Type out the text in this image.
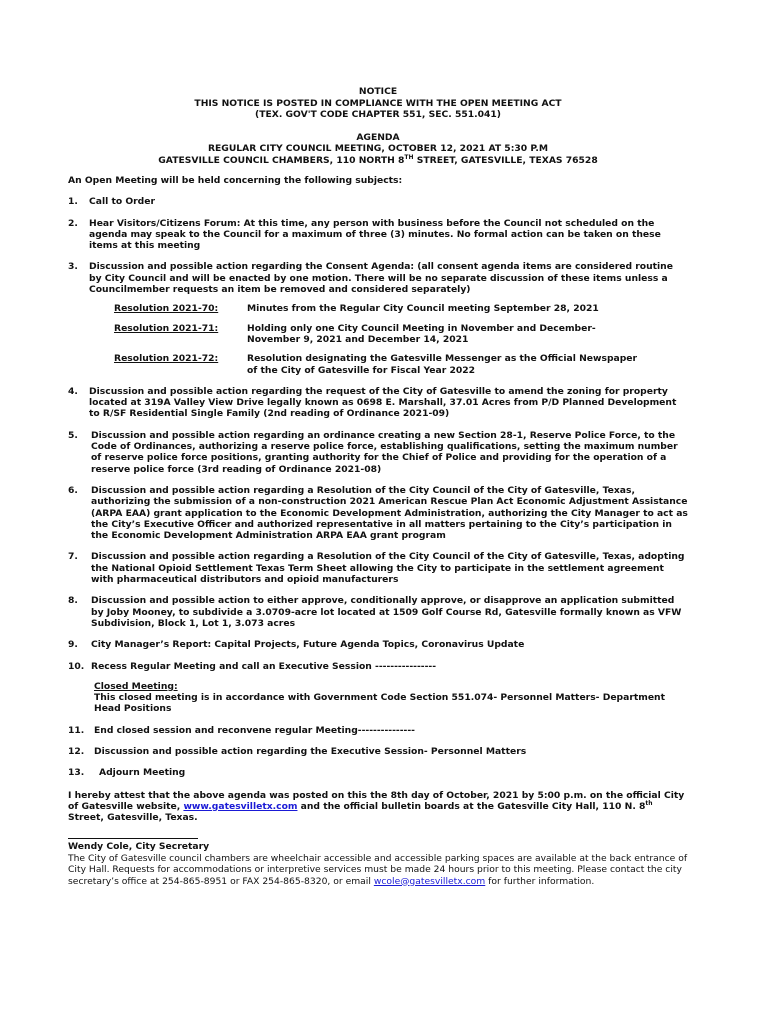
NOTICE
THIS NOTICE IS POSTED IN COMPLIANCE WITH THE OPEN MEETING ACT
(TEX. GOV'T CODE CHAPTER 551, SEC. 551.041)
AGENDA
REGULAR CITY COUNCIL MEETING, OCTOBER 12, 2021 AT 5:30 P.M
GATESVILLE COUNCIL CHAMBERS, 110 NORTH 8TH STREET, GATESVILLE, TEXAS 76528
An Open Meeting will be held concerning the following subjects:
1. Call to Order
2. Hear Visitors/Citizens Forum: At this time, any person with business before the Council not scheduled on the agenda may speak to the Council for a maximum of three (3) minutes. No formal action can be taken on these items at this meeting
3. Discussion and possible action regarding the Consent Agenda: (all consent agenda items are considered routine by City Council and will be enacted by one motion. There will be no separate discussion of these items unless a Councilmember requests an item be removed and considered separately)
Resolution 2021-70:	Minutes from the Regular City Council meeting September 28, 2021
Resolution 2021-71:	Holding only one City Council Meeting in November and December- November 9, 2021 and December 14, 2021
Resolution 2021-72:	Resolution designating the Gatesville Messenger as the Official Newspaper of the City of Gatesville for Fiscal Year 2022
4. Discussion and possible action regarding the request of the City of Gatesville to amend the zoning for property located at 319A Valley View Drive legally known as 0698 E. Marshall, 37.01 Acres from P/D Planned Development to R/SF Residential Single Family (2nd reading of Ordinance 2021-09)
5. Discussion and possible action regarding an ordinance creating a new Section 28-1, Reserve Police Force, to the Code of Ordinances, authorizing a reserve police force, establishing qualifications, setting the maximum number of reserve police force positions, granting authority for the Chief of Police and providing for the operation of a reserve police force (3rd reading of Ordinance 2021-08)
6. Discussion and possible action regarding a Resolution of the City Council of the City of Gatesville, Texas, authorizing the submission of a non-construction 2021 American Rescue Plan Act Economic Adjustment Assistance (ARPA EAA) grant application to the Economic Development Administration, authorizing the City Manager to act as the City’s Executive Officer and authorized representative in all matters pertaining to the City’s participation in the Economic Development Administration ARPA EAA grant program
7. Discussion and possible action regarding a Resolution of the City Council of the City of Gatesville, Texas, adopting the National Opioid Settlement Texas Term Sheet allowing the City to participate in the settlement agreement with pharmaceutical distributors and opioid manufacturers
8. Discussion and possible action to either approve, conditionally approve, or disapprove an application submitted by Joby Mooney, to subdivide a 3.0709-acre lot located at 1509 Golf Course Rd, Gatesville formally known as VFW Subdivision, Block 1, Lot 1, 3.073 acres
9. City Manager’s Report: Capital Projects, Future Agenda Topics, Coronavirus Update
10. Recess Regular Meeting and call an Executive Session ----------------
Closed Meeting:
This closed meeting is in accordance with Government Code Section 551.074- Personnel Matters- Department Head Positions
11. End closed session and reconvene regular Meeting---------------
12. Discussion and possible action regarding the Executive Session- Personnel Matters
13. Adjourn Meeting
I hereby attest that the above agenda was posted on this the 8th day of October, 2021 by 5:00 p.m. on the official City of Gatesville website, www.gatesvilletx.com and the official bulletin boards at the Gatesville City Hall, 110 N. 8th Street, Gatesville, Texas.
Wendy Cole, City Secretary
The City of Gatesville council chambers are wheelchair accessible and accessible parking spaces are available at the back entrance of City Hall. Requests for accommodations or interpretive services must be made 24 hours prior to this meeting. Please contact the city secretary’s office at 254-865-8951 or FAX 254-865-8320, or email wcole@gatesvilletx.com for further information.
